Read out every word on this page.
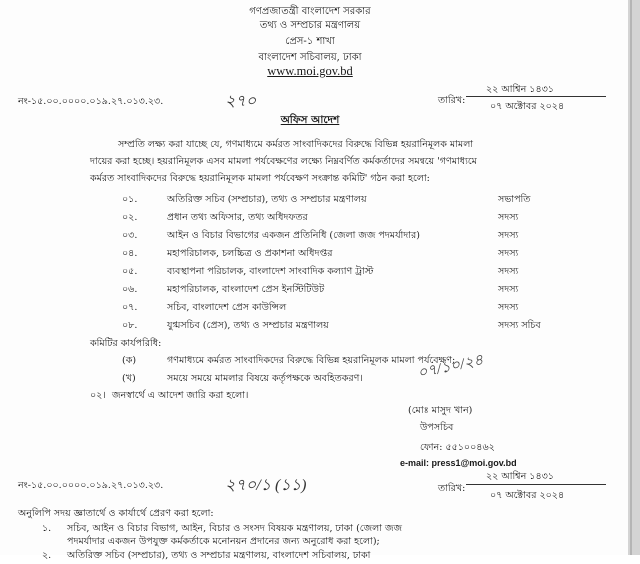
গণপ্রজাতন্ত্রী বাংলাদেশ সরকার
তথ্য ও সম্প্রচার মন্ত্রণালয়
প্রেস-১ শাখা
বাংলাদেশ সচিবালয়, ঢাকা
www.moi.gov.bd
নং-১৫.০০.০০০০.০১৯.২৭.০১৩.২৩.	২৭০
২২ আশ্বিন ১৪৩১
তারিখ:
০৭ অক্টোবর ২০২৪
অফিস আদেশ
সম্প্রতি লক্ষ্য করা যাচ্ছে যে, গণমাধ্যমে কর্মরত সাংবাদিকদের বিরুদ্ধে বিভিন্ন হয়রানিমূলক মামলা
দায়ের করা হচ্ছে। হয়রানিমূলক এসব মামলা পর্যবেক্ষণের লক্ষ্যে নিম্নবর্ণিত কর্মকর্তাদের সমন্বয়ে 'গণমাধ্যমে
কর্মরত সাংবাদিকদের বিরুদ্ধে হয়রানিমূলক মামলা পর্যবেক্ষণ সংক্রান্ত কমিটি' গঠন করা হলো:
০১.	অতিরিক্ত সচিব (সম্প্রচার), তথ্য ও সম্প্রচার মন্ত্রণালয়	সভাপতি
০২.	প্রধান তথ্য অফিসার, তথ্য অধিদফতর	সদস্য
০৩.	আইন ও বিচার বিভাগের একজন প্রতিনিধি (জেলা জজ পদমর্যাদার)	সদস্য
০৪.	মহাপরিচালক, চলচ্চিত্র ও প্রকাশনা অধিদপ্তর	সদস্য
০৫.	ব্যবস্থাপনা পরিচালক, বাংলাদেশ সাংবাদিক কল্যাণ ট্রাস্ট	সদস্য
০৬.	মহাপরিচালক, বাংলাদেশ প্রেস ইনস্টিটিউট	সদস্য
০৭.	সচিব, বাংলাদেশ প্রেস কাউন্সিল	সদস্য
০৮.	যুগ্মসচিব (প্রেস), তথ্য ও সম্প্রচার মন্ত্রণালয়	সদস্য সচিব
কমিটির কার্যপরিধি:
(ক)	গণমাধ্যমে কর্মরত সাংবাদিকদের বিরুদ্ধে বিভিন্ন হয়রানিমূলক মামলা পর্যবেক্ষণ;
(খ)	সময়ে সময়ে মামলার বিষয়ে কর্তৃপক্ষকে অবহিতকরণ।
০২। জনস্বার্থে এ আদেশ জারি করা হলো।
০৭/১০/২৪
(মোঃ মাসুদ খান)
উপসচিব
ফোন: ৫৫১০০৪৬২
e-mail: press1@moi.gov.bd
নং-১৫.০০.০০০০.০১৯.২৭.০১৩.২৩.	২৭০/১ (১১)
২২ আশ্বিন ১৪৩১
তারিখ:
০৭ অক্টোবর ২০২৪
অনুলিপি সদয় জ্ঞাতার্থে ও কার্যার্থে প্রেরণ করা হলো:
১. সচিব, আইন ও বিচার বিভাগ, আইন, বিচার ও সংসদ বিষয়ক মন্ত্রণালয়, ঢাকা (জেলা জজ
পদমর্যাদার একজন উপযুক্ত কর্মকর্তাকে মনোনয়ন প্রদানের জন্য অনুরোধ করা হলো);
২. অতিরিক্ত সচিব (সম্প্রচার), তথ্য ও সম্প্রচার মন্ত্রণালয়, বাংলাদেশ সচিবালয়, ঢাকা
